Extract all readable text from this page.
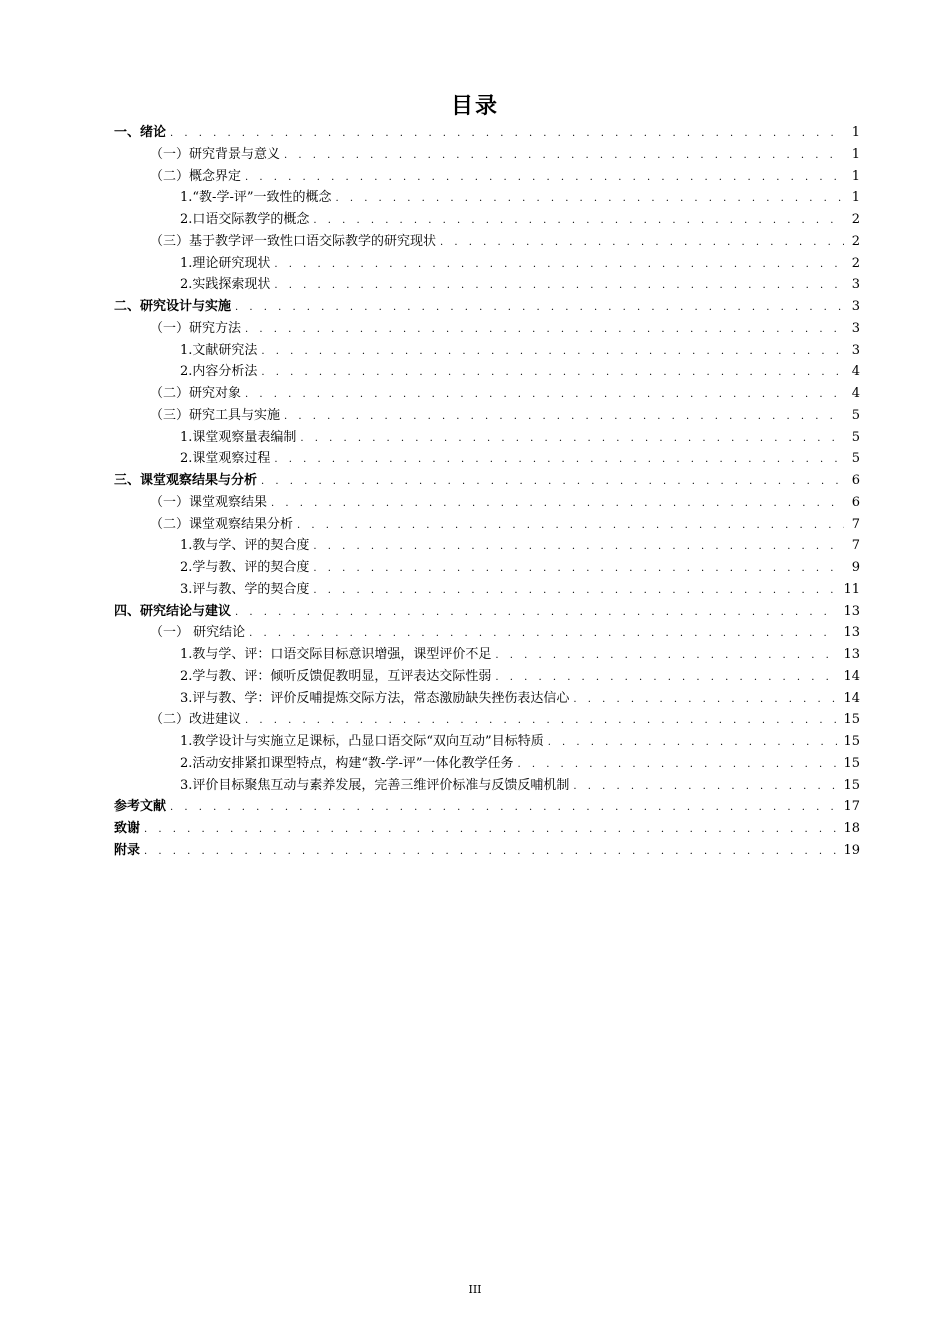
目录
一、绪论 . . .	1
（一）研究背景与意义 . . .	1
（二）概念界定 . . .	1
1.“教-学-评”一致性的概念 . . .	1
2.口语交际教学的概念 . . .	2
（三）基于教学评一致性口语交际教学的研究现状 . . .	2
1.理论研究现状 . . .	2
2.实践探索现状 . . .	3
二、研究设计与实施 . . .	3
（一）研究方法 . . .	3
1.文献研究法 . . .	3
2.内容分析法 . . .	4
（二）研究对象 . . .	4
（三）研究工具与实施 . . .	5
1.课堂观察量表编制 . . .	5
2.课堂观察过程 . . .	5
三、课堂观察结果与分析 . . .	6
（一）课堂观察结果 . . .	6
（二）课堂观察结果分析 . . .	7
1.教与学、评的契合度 . . .	7
2.学与教、评的契合度 . . .	9
3.评与教、学的契合度 . . .	11
四、研究结论与建议 . . .	13
（一） 研究结论 . . .	13
1.教与学、评：口语交际目标意识增强，课型评价不足 . . .	13
2.学与教、评：倾听反馈促教明显，互评表达交际性弱 . . .	14
3.评与教、学：评价反哺提炼交际方法，常态激励缺失挫伤表达信心 . . .	14
（二）改进建议 . . .	15
1.教学设计与实施立足课标，凸显口语交际“双向互动”目标特质 . . .	15
2.活动安排紧扣课型特点，构建“教-学-评”一体化教学任务 . . .	15
3.评价目标聚焦互动与素养发展，完善三维评价标准与反馈反哺机制 . . .	15
参考文献 . . .	17
致谢 . . .	18
附录 . . .	19
III
